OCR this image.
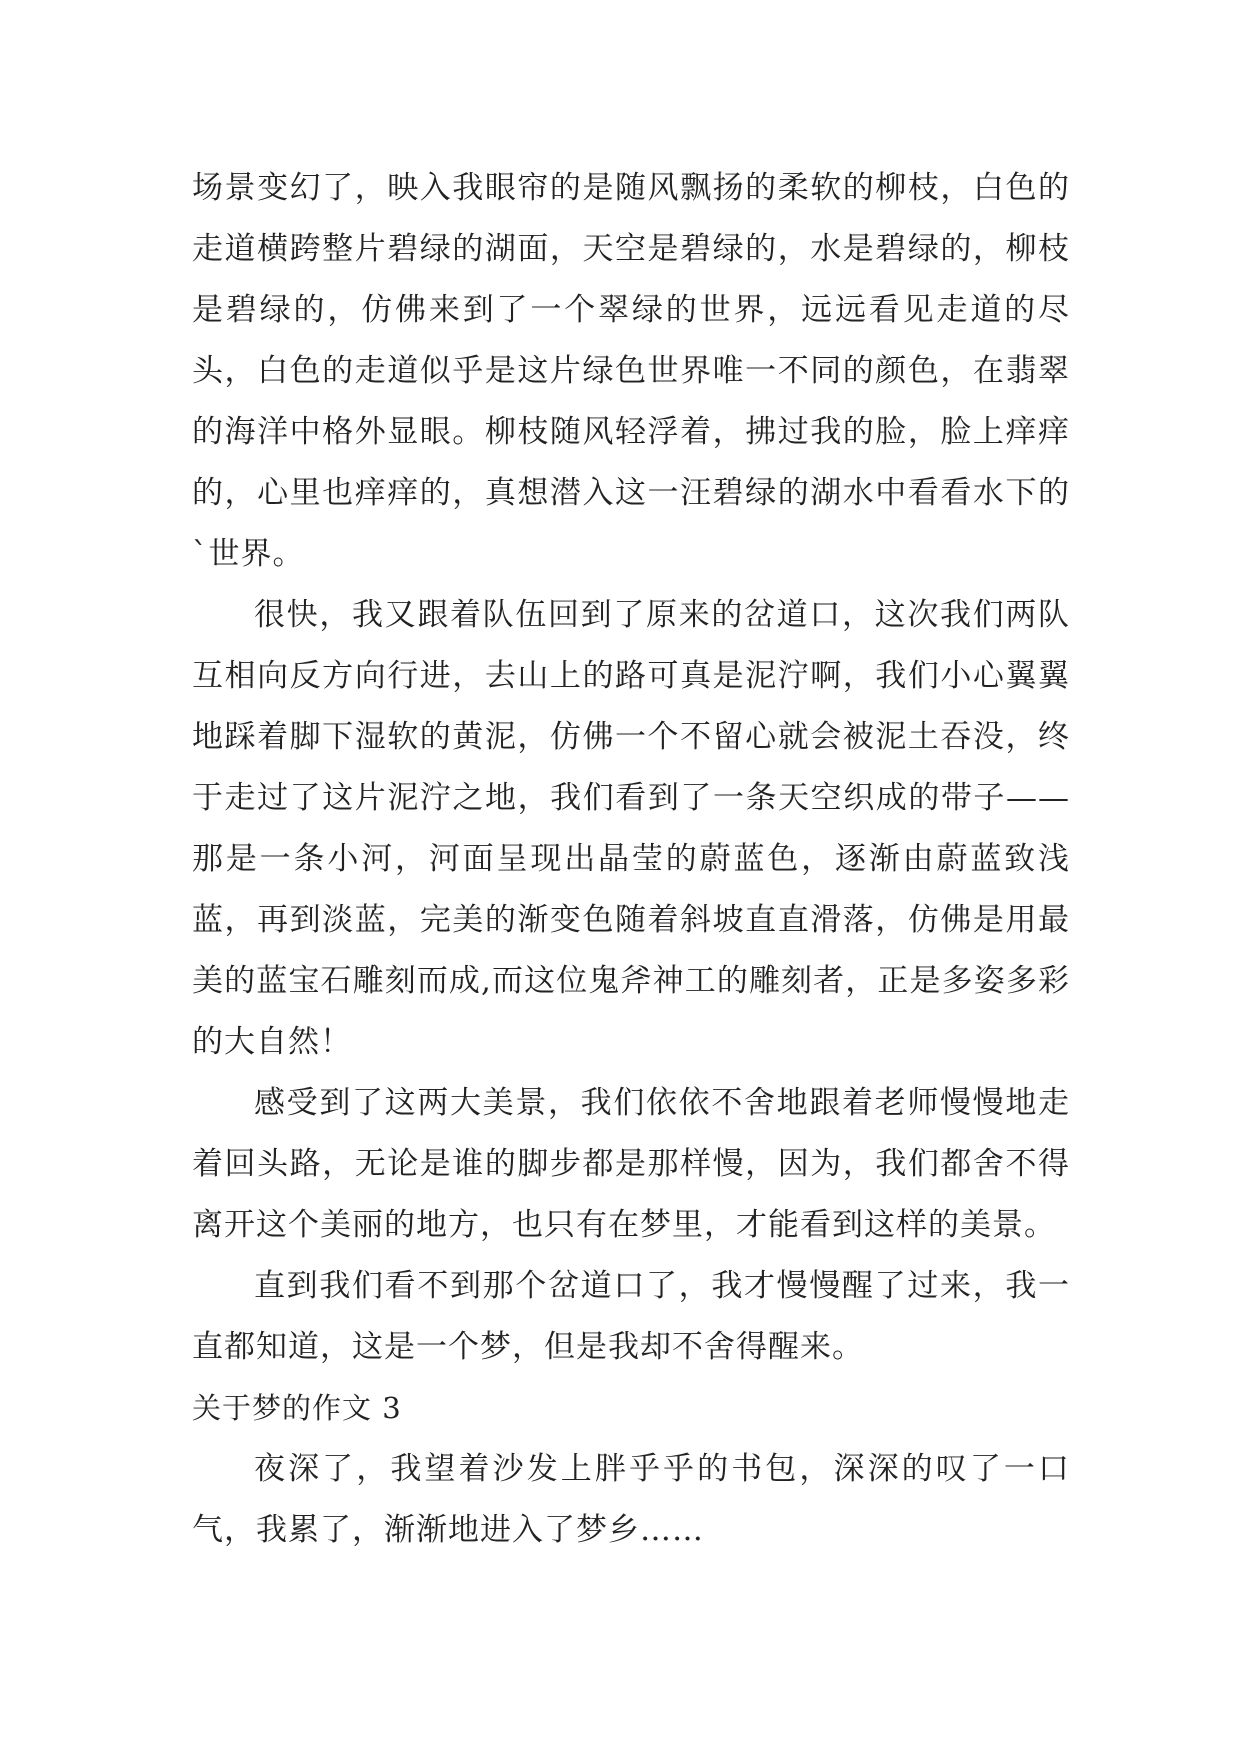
场景变幻了，映入我眼帘的是随风飘扬的柔软的柳枝，白色的走道横跨整片碧绿的湖面，天空是碧绿的，水是碧绿的，柳枝是碧绿的，仿佛来到了一个翠绿的世界，远远看见走道的尽头，白色的走道似乎是这片绿色世界唯一不同的颜色，在翡翠的海洋中格外显眼。柳枝随风轻浮着，拂过我的脸，脸上痒痒的，心里也痒痒的，真想潜入这一汪碧绿的湖水中看看水下的`世界。

很快，我又跟着队伍回到了原来的岔道口，这次我们两队互相向反方向行进，去山上的路可真是泥泞啊，我们小心翼翼地踩着脚下湿软的黄泥，仿佛一个不留心就会被泥土吞没，终于走过了这片泥泞之地，我们看到了一条天空织成的带子——那是一条小河，河面呈现出晶莹的蔚蓝色，逐渐由蔚蓝致浅蓝，再到淡蓝，完美的渐变色随着斜坡直直滑落，仿佛是用最美的蓝宝石雕刻而成,而这位鬼斧神工的雕刻者，正是多姿多彩的大自然！

感受到了这两大美景，我们依依不舍地跟着老师慢慢地走着回头路，无论是谁的脚步都是那样慢，因为，我们都舍不得离开这个美丽的地方，也只有在梦里，才能看到这样的美景。

直到我们看不到那个岔道口了，我才慢慢醒了过来，我一直都知道，这是一个梦，但是我却不舍得醒来。

关于梦的作文 3

夜深了，我望着沙发上胖乎乎的书包，深深的叹了一口气，我累了，渐渐地进入了梦乡……
